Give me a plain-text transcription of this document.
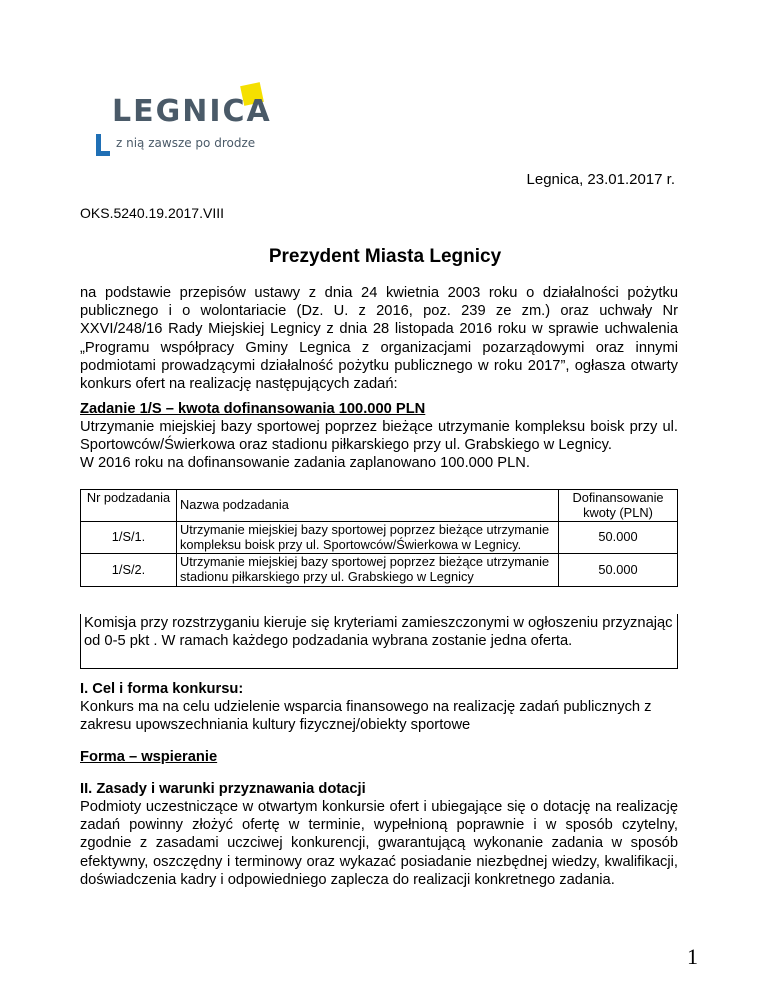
LEGNICA
z nią zawsze po drodze
Legnica, 23.01.2017 r.
OKS.5240.19.2017.VIII
Prezydent Miasta Legnicy
na podstawie przepisów ustawy z dnia 24 kwietnia 2003 roku o działalności pożytku publicznego i o wolontariacie (Dz. U. z 2016, poz. 239 ze zm.) oraz uchwały Nr XXVI/248/16 Rady Miejskiej Legnicy z dnia 28 listopada 2016 roku w sprawie uchwalenia „Programu współpracy Gminy Legnica z organizacjami pozarządowymi oraz innymi podmiotami prowadzącymi działalność pożytku publicznego w roku 2017”, ogłasza otwarty konkurs ofert na realizację następujących zadań:
Zadanie 1/S – kwota dofinansowania 100.000 PLN
Utrzymanie miejskiej bazy sportowej poprzez bieżące utrzymanie kompleksu boisk przy ul. Sportowców/Świerkowa oraz stadionu piłkarskiego przy ul. Grabskiego w Legnicy.
W 2016 roku na dofinansowanie zadania zaplanowano 100.000 PLN.
Nr podzadania	Nazwa podzadania	Dofinansowanie kwoty (PLN)
1/S/1.	Utrzymanie miejskiej bazy sportowej poprzez bieżące utrzymanie kompleksu boisk przy ul. Sportowców/Świerkowa w Legnicy.	50.000
1/S/2.	Utrzymanie miejskiej bazy sportowej poprzez bieżące utrzymanie stadionu piłkarskiego przy ul. Grabskiego w Legnicy	50.000
Komisja przy rozstrzyganiu kieruje się kryteriami zamieszczonymi w ogłoszeniu przyznając od 0-5 pkt . W ramach każdego podzadania wybrana zostanie jedna oferta.
I. Cel i forma konkursu:
Konkurs ma na celu udzielenie wsparcia finansowego na realizację zadań publicznych z zakresu upowszechniania kultury fizycznej/obiekty sportowe
Forma – wspieranie
II. Zasady i warunki przyznawania dotacji
Podmioty uczestniczące w otwartym konkursie ofert i ubiegające się o dotację na realizację zadań powinny złożyć ofertę w terminie, wypełnioną poprawnie i w sposób czytelny, zgodnie z zasadami uczciwej konkurencji, gwarantującą wykonanie zadania w sposób efektywny, oszczędny i terminowy oraz wykazać posiadanie niezbędnej wiedzy, kwalifikacji, doświadczenia kadry i odpowiedniego zaplecza do realizacji konkretnego zadania.
1
